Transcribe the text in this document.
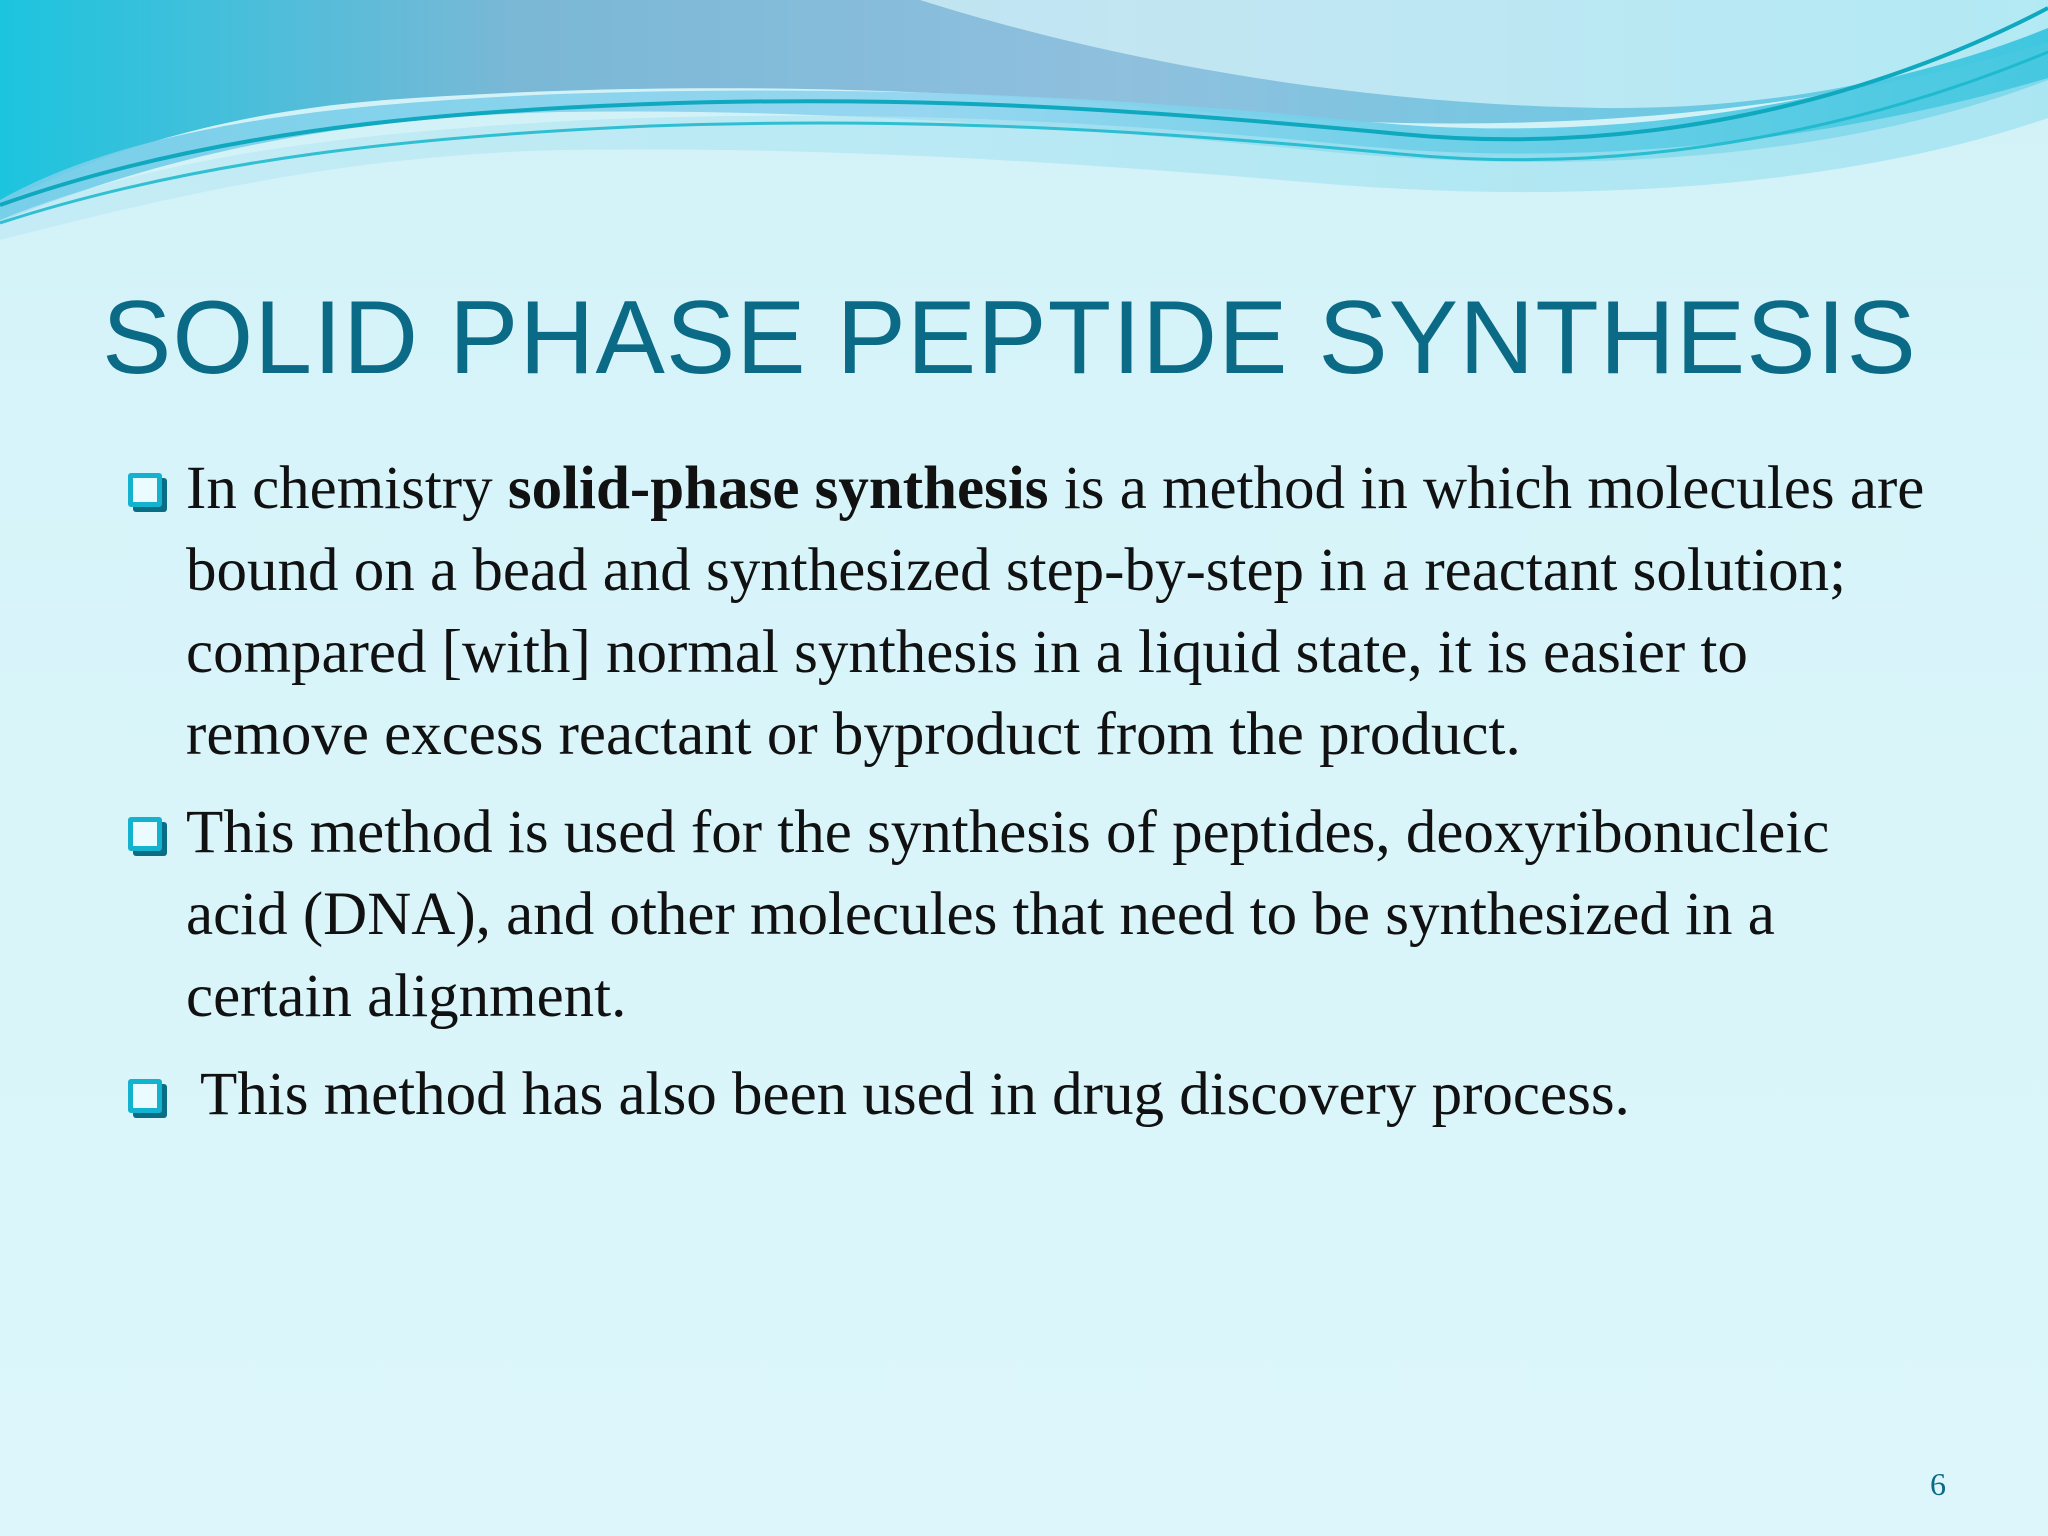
SOLID PHASE PEPTIDE SYNTHESIS
In chemistry solid-phase synthesis is a method in which molecules are bound on a bead and synthesized step-by-step in a reactant solution; compared [with] normal synthesis in a liquid state, it is easier to remove excess reactant or byproduct from the product.
This method is used for the synthesis of peptides, deoxyribonucleic acid (DNA), and other molecules that need to be synthesized in a certain alignment.
This method has also been used in drug discovery process.
6
